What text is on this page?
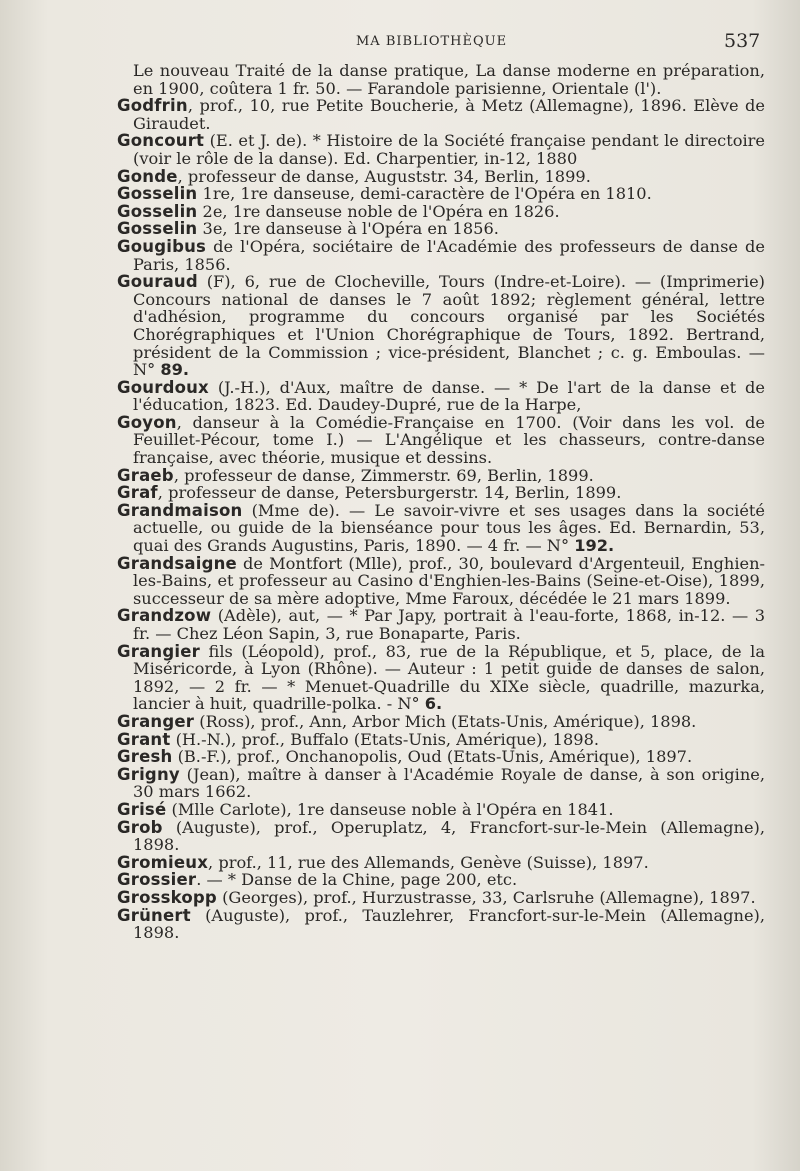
MA BIBLIOTHÈQUE	537

Le nouveau Traité de la danse pratique, La danse moderne en préparation, en 1900, coûtera 1 fr. 50. — Farandole parisienne, Orientale (l').

Godfrin, prof., 10, rue Petite Boucherie, à Metz (Allemagne), 1896. Elève de Giraudet.

Goncourt (E. et J. de). * Histoire de la Société française pendant le directoire (voir le rôle de la danse). Ed. Charpentier, in-12, 1880

Gonde, professeur de danse, Auguststr. 34, Berlin, 1899.

Gosselin 1re, 1re danseuse, demi-caractère de l'Opéra en 1810.

Gosselin 2e, 1re danseuse noble de l'Opéra en 1826.

Gosselin 3e, 1re danseuse à l'Opéra en 1856.

Gougibus de l'Opéra, sociétaire de l'Académie des professeurs de danse de Paris, 1856.

Gouraud (F), 6, rue de Clocheville, Tours (Indre-et-Loire). — (Imprimerie) Concours national de danses le 7 août 1892; règlement général, lettre d'adhésion, programme du concours organisé par les Sociétés Chorégraphiques et l'Union Chorégraphique de Tours, 1892. Bertrand, président de la Commission ; vice-président, Blanchet ; c. g. Emboulas. — N° 89.

Gourdoux (J.-H.), d'Aux, maître de danse. — * De l'art de la danse et de l'éducation, 1823. Ed. Daudey-Dupré, rue de la Harpe,

Goyon, danseur à la Comédie-Française en 1700. (Voir dans les vol. de Feuillet-Pécour, tome I.) — L'Angélique et les chasseurs, contre-danse française, avec théorie, musique et dessins.

Graeb, professeur de danse, Zimmerstr. 69, Berlin, 1899.

Graf, professeur de danse, Petersburgerstr. 14, Berlin, 1899.

Grandmaison (Mme de). — Le savoir-vivre et ses usages dans la société actuelle, ou guide de la bienséance pour tous les âges. Ed. Bernardin, 53, quai des Grands Augustins, Paris, 1890. — 4 fr. — N° 192.

Grandsaigne de Montfort (Mlle), prof., 30, boulevard d'Argenteuil, Enghien-les-Bains, et professeur au Casino d'Enghien-les-Bains (Seine-et-Oise), 1899, successeur de sa mère adoptive, Mme Faroux, décédée le 21 mars 1899.

Grandzow (Adèle), aut, — * Par Japy, portrait à l'eau-forte, 1868, in-12. — 3 fr. — Chez Léon Sapin, 3, rue Bonaparte, Paris.

Grangier fils (Léopold), prof., 83, rue de la République, et 5, place, de la Miséricorde, à Lyon (Rhône). — Auteur : 1 petit guide de danses de salon, 1892, — 2 fr. — * Menuet-Quadrille du XIXe siècle, quadrille, mazurka, lancier à huit, quadrille-polka. - N° 6.

Granger (Ross), prof., Ann, Arbor Mich (Etats-Unis, Amérique), 1898.

Grant (H.-N.), prof., Buffalo (Etats-Unis, Amérique), 1898.

Gresh (B.-F.), prof., Onchanopolis, Oud (Etats-Unis, Amérique), 1897.

Grigny (Jean), maître à danser à l'Académie Royale de danse, à son origine, 30 mars 1662.

Grisé (Mlle Carlote), 1re danseuse noble à l'Opéra en 1841.

Grob (Auguste), prof., Operuplatz, 4, Francfort-sur-le-Mein (Allemagne), 1898.

Gromieux, prof., 11, rue des Allemands, Genève (Suisse), 1897.

Grossier. — * Danse de la Chine, page 200, etc.

Grosskopp (Georges), prof., Hurzustrasse, 33, Carlsruhe (Allemagne), 1897.

Grünert (Auguste), prof., Tauzlehrer, Francfort-sur-le-Mein (Allemagne), 1898.
